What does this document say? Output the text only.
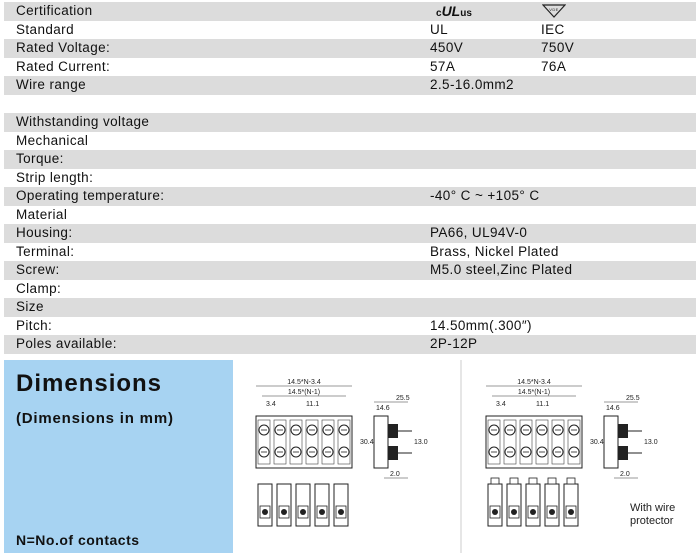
Certification	cULus	VDE
Standard	UL	IEC
Rated Voltage:	450V	750V
Rated Current:	57A	76A
Wire range	2.5-16.0mm2
Withstanding voltage
Mechanical
Torque:
Strip length:
Operating temperature:	-40° C ~ +105° C
Material
Housing:	PA66, UL94V-0
Terminal:	Brass, Nickel Plated
Screw:	M5.0 steel,Zinc Plated
Clamp:
Size
Pitch:	14.50mm(.300″)
Poles available:	2P-12P
Dimensions
(Dimensions in mm)
N=No.of contacts
14.5*N-3.4
14.5*(N-1)
3.4	11.1
25.5
14.6
30.4	13.0
2.0
14.5*N-3.4
14.5*(N-1)
3.4	11.1
25.5
14.6
30.4	13.0
2.0
With wire protector
